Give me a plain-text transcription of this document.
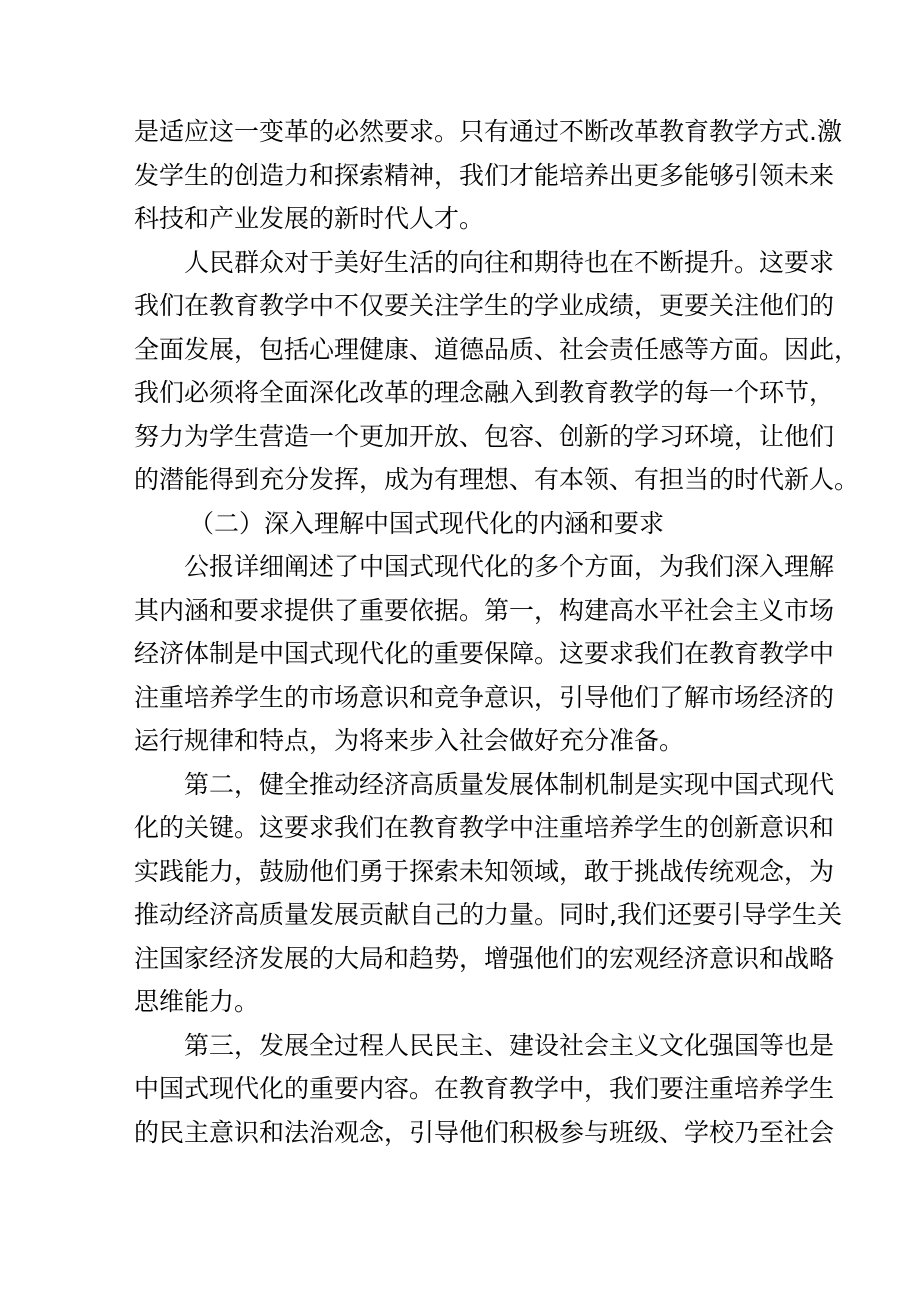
是适应这一变革的必然要求。只有通过不断改革教育教学方式.激
发学生的创造力和探索精神，我们才能培养出更多能够引领未来
科技和产业发展的新时代人才。
人民群众对于美好生活的向往和期待也在不断提升。这要求
我们在教育教学中不仅要关注学生的学业成绩，更要关注他们的
全面发展，包括心理健康、道德品质、社会责任感等方面。因此，
我们必须将全面深化改革的理念融入到教育教学的每一个环节，
努力为学生营造一个更加开放、包容、创新的学习环境，让他们
的潜能得到充分发挥，成为有理想、有本领、有担当的时代新人。
（二）深入理解中国式现代化的内涵和要求
公报详细阐述了中国式现代化的多个方面，为我们深入理解
其内涵和要求提供了重要依据。第一，构建高水平社会主义市场
经济体制是中国式现代化的重要保障。这要求我们在教育教学中
注重培养学生的市场意识和竞争意识，引导他们了解市场经济的
运行规律和特点，为将来步入社会做好充分准备。
第二，健全推动经济高质量发展体制机制是实现中国式现代
化的关键。这要求我们在教育教学中注重培养学生的创新意识和
实践能力，鼓励他们勇于探索未知领域，敢于挑战传统观念，为
推动经济高质量发展贡献自己的力量。同时,我们还要引导学生关
注国家经济发展的大局和趋势，增强他们的宏观经济意识和战略
思维能力。
第三，发展全过程人民民主、建设社会主义文化强国等也是
中国式现代化的重要内容。在教育教学中，我们要注重培养学生
的民主意识和法治观念，引导他们积极参与班级、学校乃至社会
